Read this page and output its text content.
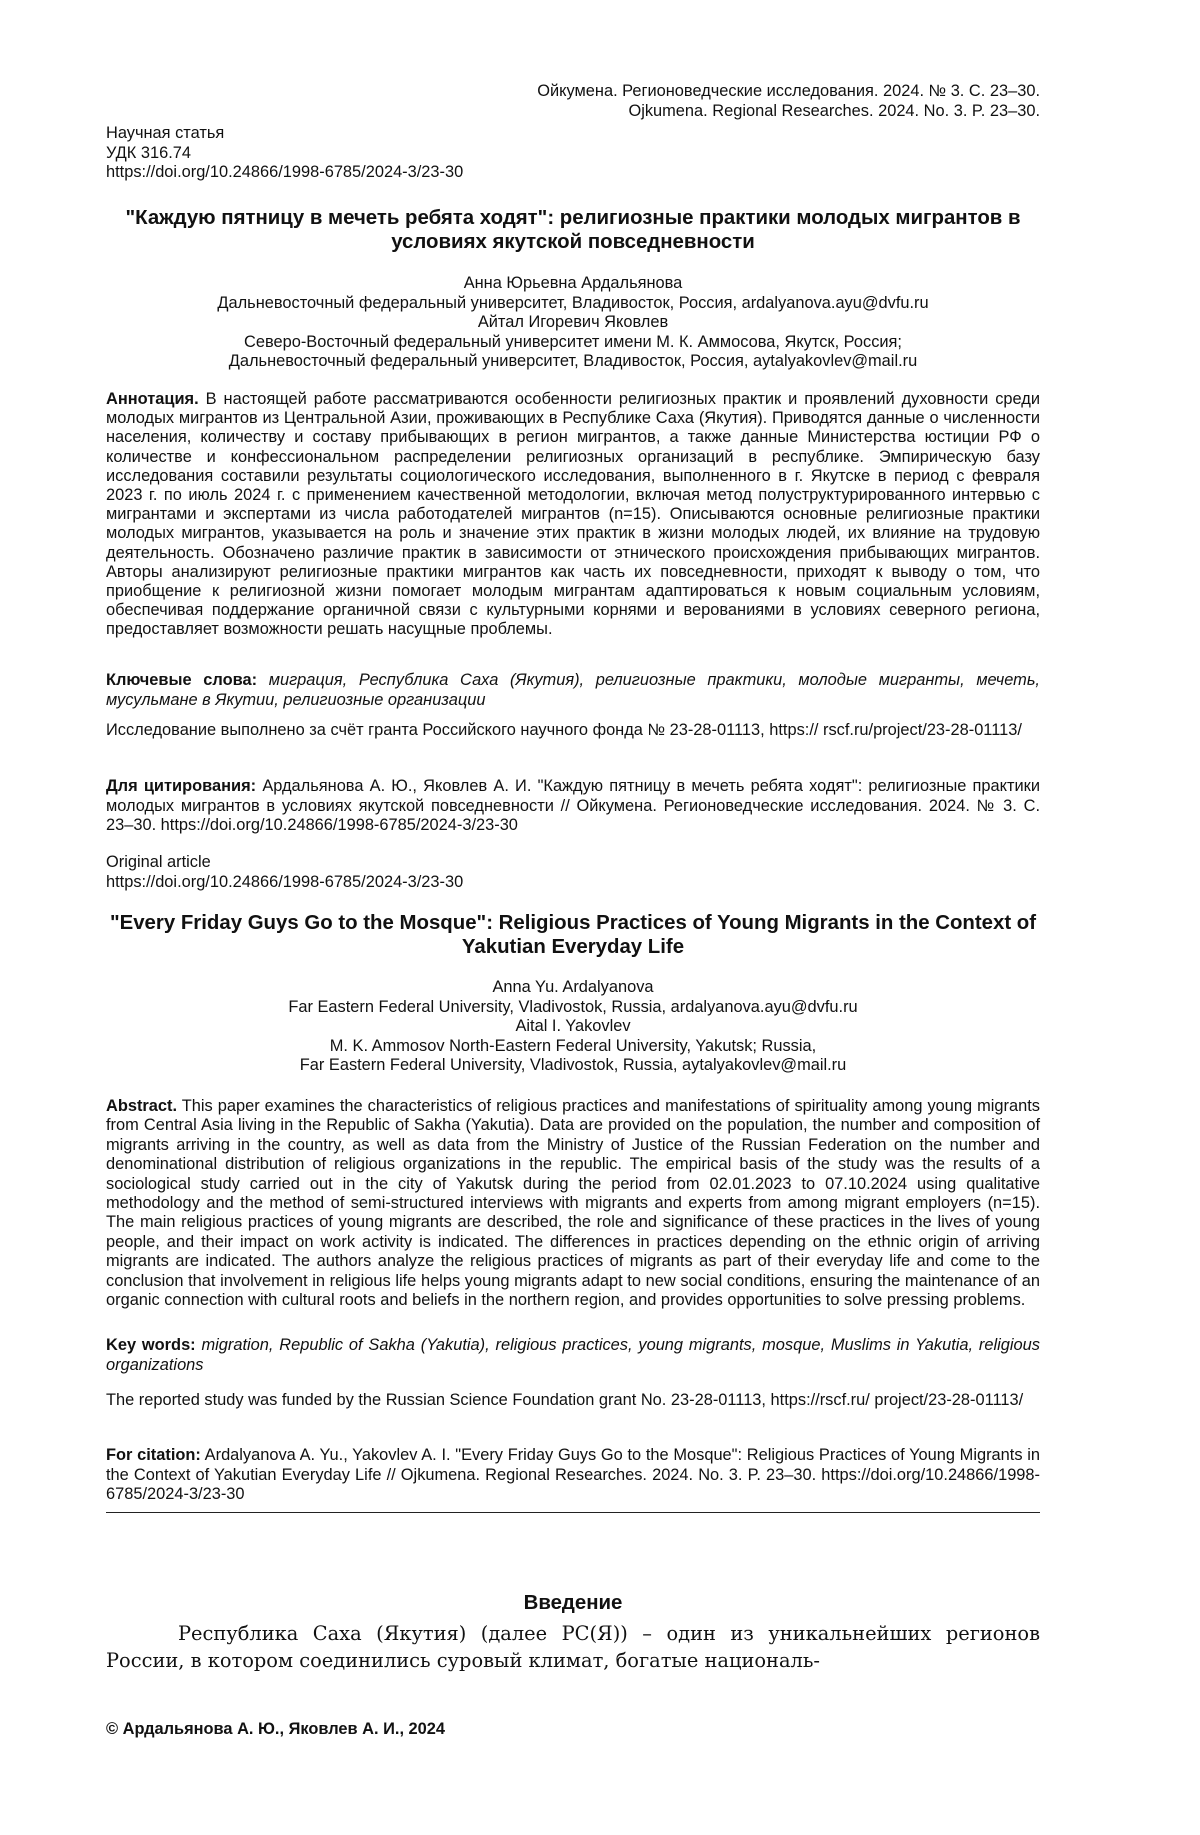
Ойкумена. Регионоведческие исследования. 2024. № 3. С. 23–30.
Ojkumena. Regional Researches. 2024. No. 3. P. 23–30.
Научная статья
УДК 316.74
https://doi.org/10.24866/1998-6785/2024-3/23-30
"Каждую пятницу в мечеть ребята ходят": религиозные практики молодых мигрантов в условиях якутской повседневности
Анна Юрьевна Ардальянова
Дальневосточный федеральный университет, Владивосток, Россия, ardalyanova.ayu@dvfu.ru
Айтал Игоревич Яковлев
Северо-Восточный федеральный университет имени М. К. Аммосова, Якутск, Россия;
Дальневосточный федеральный университет, Владивосток, Россия, aytalyakovlev@mail.ru
Аннотация. В настоящей работе рассматриваются особенности религиозных практик и проявлений духовности среди молодых мигрантов из Центральной Азии, проживающих в Республике Саха (Якутия). Приводятся данные о численности населения, количеству и составу прибывающих в регион мигрантов, а также данные Министерства юстиции РФ о количестве и конфессиональном распределении религиозных организаций в республике. Эмпирическую базу исследования составили результаты социологического исследования, выполненного в г. Якутске в период с февраля 2023 г. по июль 2024 г. с применением качественной методологии, включая метод полуструктурированного интервью с мигрантами и экспертами из числа работодателей мигрантов (n=15). Описываются основные религиозные практики молодых мигрантов, указывается на роль и значение этих практик в жизни молодых людей, их влияние на трудовую деятельность. Обозначено различие практик в зависимости от этнического происхождения прибывающих мигрантов. Авторы анализируют религиозные практики мигрантов как часть их повседневности, приходят к выводу о том, что приобщение к религиозной жизни помогает молодым мигрантам адаптироваться к новым социальным условиям, обеспечивая поддержание органичной связи с культурными корнями и верованиями в условиях северного региона, предоставляет возможности решать насущные проблемы.
Ключевые слова: миграция, Республика Саха (Якутия), религиозные практики, молодые мигранты, мечеть, мусульмане в Якутии, религиозные организации
Исследование выполнено за счёт гранта Российского научного фонда № 23-28-01113, https:// rscf.ru/project/23-28-01113/
Для цитирования: Ардальянова А. Ю., Яковлев А. И. "Каждую пятницу в мечеть ребята ходят": религиозные практики молодых мигрантов в условиях якутской повседневности // Ойкумена. Регионоведческие исследования. 2024. № 3. С. 23–30. https://doi.org/10.24866/1998-6785/2024-3/23-30
Original article
https://doi.org/10.24866/1998-6785/2024-3/23-30
"Every Friday Guys Go to the Mosque": Religious Practices of Young Migrants in the Context of Yakutian Everyday Life
Anna Yu. Ardalyanova
Far Eastern Federal University, Vladivostok, Russia, ardalyanova.ayu@dvfu.ru
Aital I. Yakovlev
M. K. Ammosov North-Eastern Federal University, Yakutsk; Russia,
Far Eastern Federal University, Vladivostok, Russia, aytalyakovlev@mail.ru
Abstract. This paper examines the characteristics of religious practices and manifestations of spirituality among young migrants from Central Asia living in the Republic of Sakha (Yakutia). Data are provided on the population, the number and composition of migrants arriving in the country, as well as data from the Ministry of Justice of the Russian Federation on the number and denominational distribution of religious organizations in the republic. The empirical basis of the study was the results of a sociological study carried out in the city of Yakutsk during the period from 02.01.2023 to 07.10.2024 using qualitative methodology and the method of semi-structured interviews with migrants and experts from among migrant employers (n=15). The main religious practices of young migrants are described, the role and significance of these practices in the lives of young people, and their impact on work activity is indicated. The differences in practices depending on the ethnic origin of arriving migrants are indicated. The authors analyze the religious practices of migrants as part of their everyday life and come to the conclusion that involvement in religious life helps young migrants adapt to new social conditions, ensuring the maintenance of an organic connection with cultural roots and beliefs in the northern region, and provides opportunities to solve pressing problems.
Key words: migration, Republic of Sakha (Yakutia), religious practices, young migrants, mosque, Muslims in Yakutia, religious organizations
The reported study was funded by the Russian Science Foundation grant No. 23-28-01113, https://rscf.ru/ project/23-28-01113/
For citation: Ardalyanova A. Yu., Yakovlev A. I. "Every Friday Guys Go to the Mosque": Religious Practices of Young Migrants in the Context of Yakutian Everyday Life // Ojkumena. Regional Researches. 2024. No. 3. P. 23–30. https://doi.org/10.24866/1998-6785/2024-3/23-30
Введение
Республика Саха (Якутия) (далее РС(Я)) – один из уникальнейших регионов России, в котором соединились суровый климат, богатые националь-
© Ардальянова А. Ю., Яковлев А. И., 2024
